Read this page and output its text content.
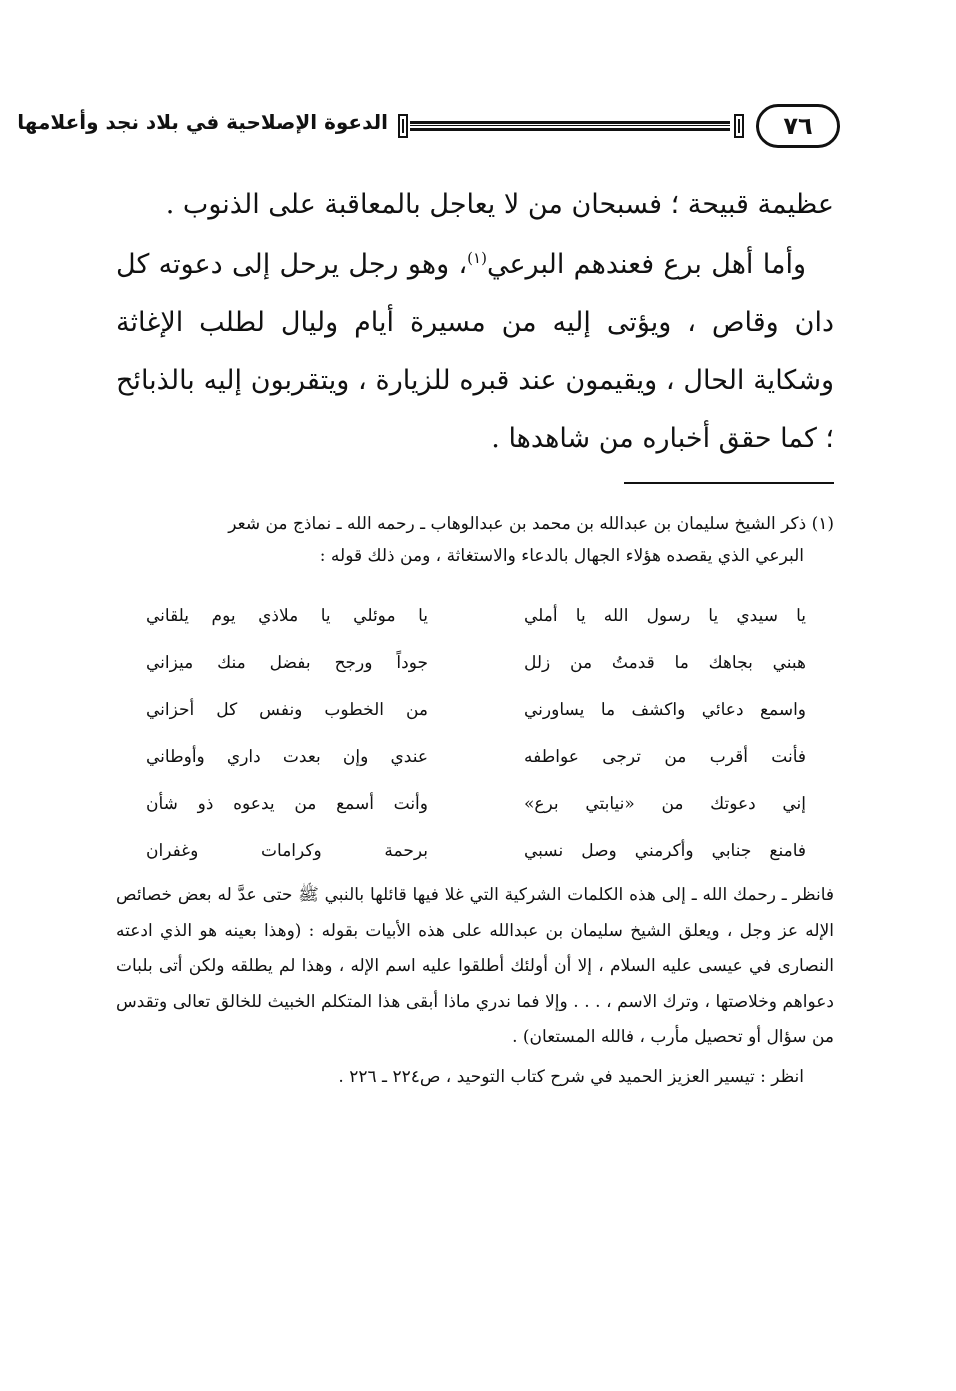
٧٦
الدعوة الإصلاحية في بلاد نجد وأعلامها

عظيمة قبيحة ؛ فسبحان من لا يعاجل بالمعاقبة على الذنوب .

وأما أهل برع فعندهم البرعي$^{(١)}$، وهو رجل يرحل إلى دعوته كل دان وقاص ، ويؤتى إليه من مسيرة أيام وليال لطلب الإغاثة وشكاية الحال ، ويقيمون عند قبره للزيارة ، ويتقربون إليه بالذبائح ؛ كما حقق أخباره من شاهدها .

(١) ذكر الشيخ سليمان بن عبدالله بن محمد بن عبدالوهاب ـ رحمه الله ـ نماذج من شعر

البرعي الذي يقصده هؤلاء الجهال بالدعاء والاستغاثة ، ومن ذلك قوله :

يا سيدي يا رسول الله يا أملي
يا موئلي يا ملاذي يوم يلقاني
هبني بجاهك ما قدمتُ من زلل
جوداً ورجح بفضل منك ميزاني
واسمع دعائي واكشف ما يساورني
من الخطوب ونفس كل أحزاني
فأنت أقرب من ترجى عواطفه
عندي وإن بعدت داري وأوطاني
إني دعوتك من «نيابتي برع»
وأنت أسمع من يدعوه ذو شأن
فامنع جنابي وأكرمني وصل نسبي
برحمة وكرامات وغفران

فانظر ـ رحمك الله ـ إلى هذه الكلمات الشركية التي غلا فيها قائلها بالنبي ﷺ حتى عدَّ له بعض خصائص الإله عز وجل ، ويعلق الشيخ سليمان بن عبدالله على هذه الأبيات بقوله : (وهذا بعينه هو الذي ادعته النصارى في عيسى عليه السلام ، إلا أن أولئك أطلقوا عليه اسم الإله ، وهذا لم يطلقه ولكن أتى بلبات دعواهم وخلاصتها ، وترك الاسم ، . . . وإلا فما ندري ماذا أبقى هذا المتكلم الخبيث للخالق تعالى وتقدس من سؤال أو تحصيل مأرب ، فالله المستعان) .

انظر : تيسير العزيز الحميد في شرح كتاب التوحيد ، ص٢٢٤ ـ ٢٢٦ .
